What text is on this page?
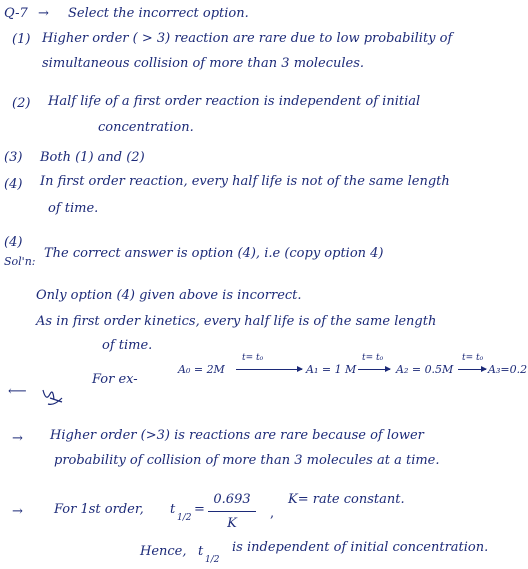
Q-7 → Select the incorrect option.
(1) Higher order ( > 3) reaction are rare due to low probability of
simultaneous collision of more than 3 molecules.
(2) Half life of a first order reaction is independent of initial
concentration.
(3) Both (1) and (2)
(4) In first order reaction, every half life is not of the same length
of time.
(4)
Sol'n:
The correct answer is option (4), i.e (copy option 4)
Only option (4) given above is incorrect.
As in first order kinetics, every half life is of the same length
of time.
For ex-
A₀ = 2M
t= t₀
A₁ = 1 M
t= t₀
A₂ = 0.5M
t= t₀
A₃=0.2
⟵
→
→
Higher order (>3) is reactions are rare because of lower
probability of collision of more than 3 molecules at a time.
For 1st order, t
1/2
=
0.693
K
,
K= rate constant.
Hence, t
1/2
is independent of initial concentration.
